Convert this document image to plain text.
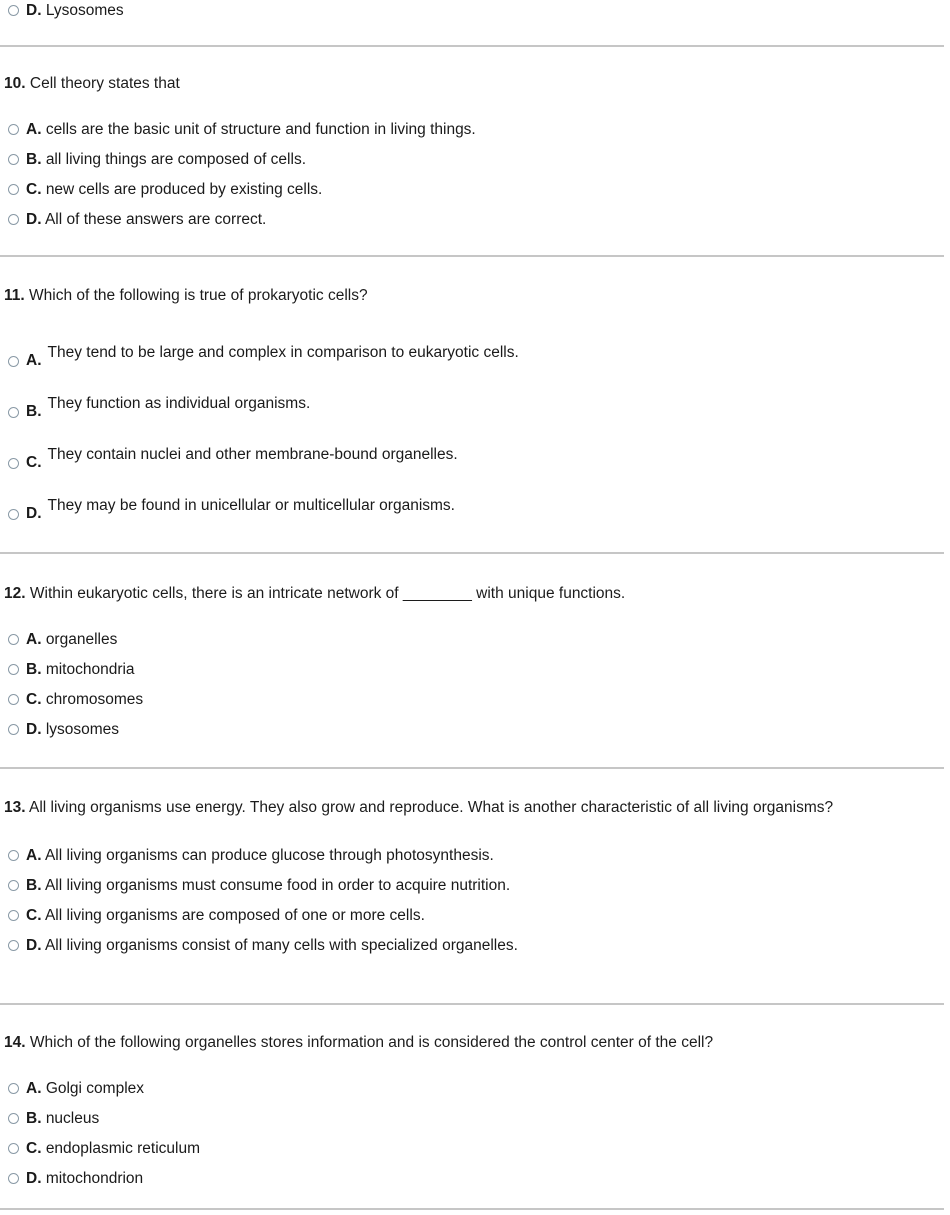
D. Lysosomes
10. Cell theory states that
A. cells are the basic unit of structure and function in living things.
B. all living things are composed of cells.
C. new cells are produced by existing cells.
D. All of these answers are correct.
11. Which of the following is true of prokaryotic cells?
A. They tend to be large and complex in comparison to eukaryotic cells.
B. They function as individual organisms.
C. They contain nuclei and other membrane-bound organelles.
D. They may be found in unicellular or multicellular organisms.
12. Within eukaryotic cells, there is an intricate network of ________ with unique functions.
A. organelles
B. mitochondria
C. chromosomes
D. lysosomes
13. All living organisms use energy. They also grow and reproduce. What is another characteristic of all living organisms?
A. All living organisms can produce glucose through photosynthesis.
B. All living organisms must consume food in order to acquire nutrition.
C. All living organisms are composed of one or more cells.
D. All living organisms consist of many cells with specialized organelles.
14. Which of the following organelles stores information and is considered the control center of the cell?
A. Golgi complex
B. nucleus
C. endoplasmic reticulum
D. mitochondrion
